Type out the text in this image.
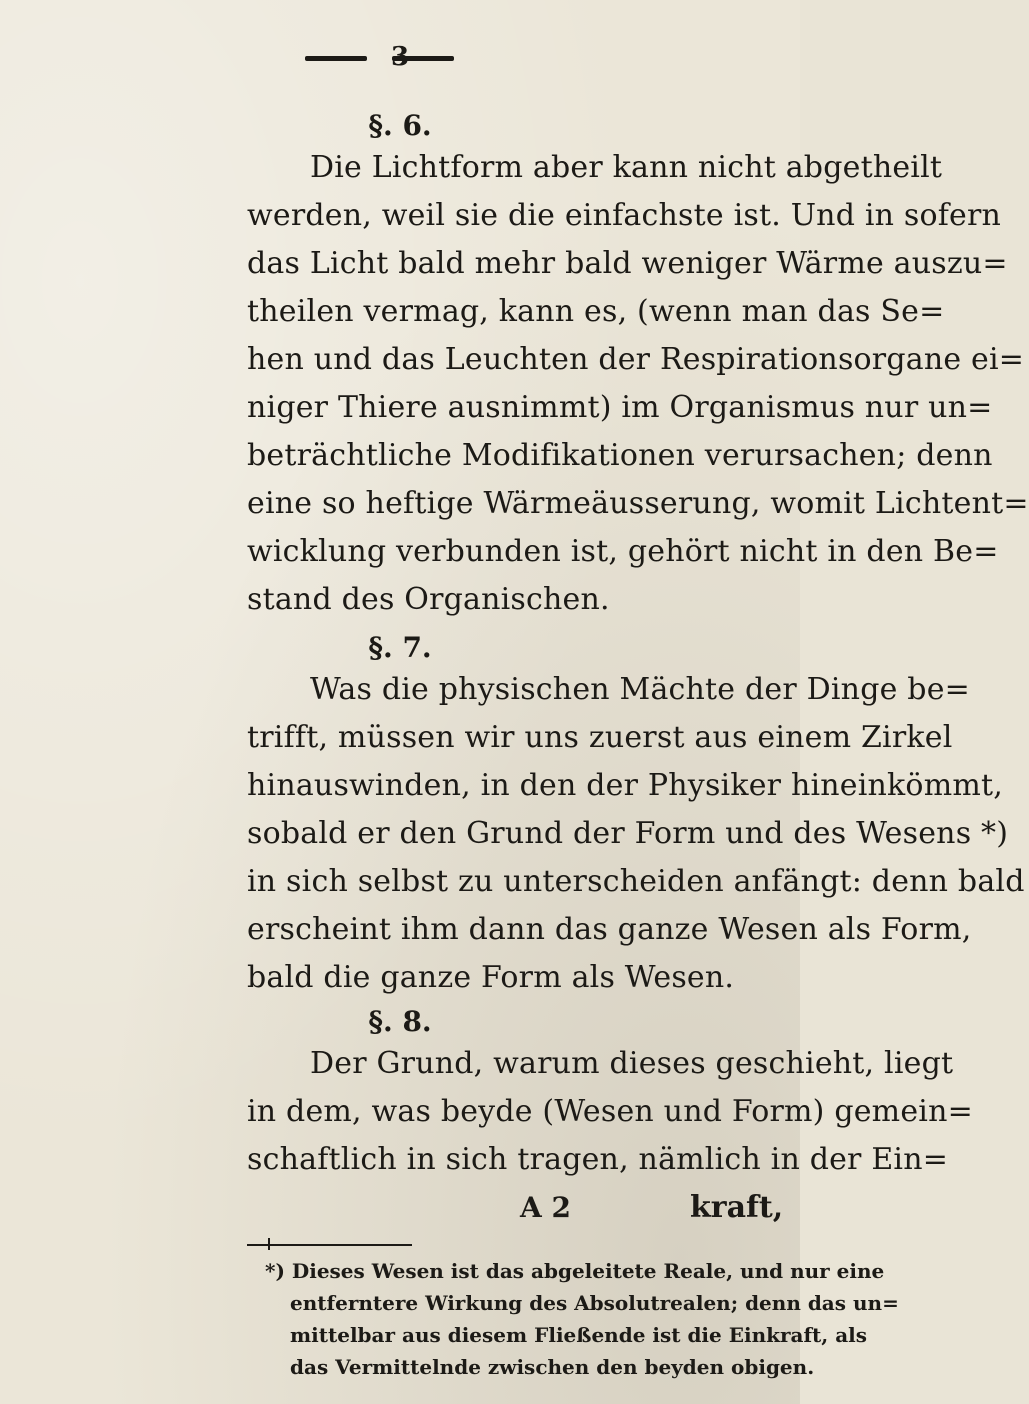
§. 6.
Die Lichtform aber kann nicht abgetheilt
werden, weil sie die einfachste ist. Und in sofern
das Licht bald mehr bald weniger Wärme auszu=
theilen vermag, kann es, (wenn man das Se=
hen und das Leuchten der Respirationsorgane ei=
niger Thiere ausnimmt) im Organismus nur un=
beträchtliche Modifikationen verursachen; denn
eine so heftige Wärmeäusserung, womit Lichtent=
wicklung verbunden ist, gehört nicht in den Be=
stand des Organischen.
§. 7.
Was die physischen Mächte der Dinge be=
trifft, müssen wir uns zuerst aus einem Zirkel
hinauswinden, in den der Physiker hineinkömmt,
sobald er den Grund der Form und des Wesens *)
in sich selbst zu unterscheiden anfängt: denn bald
erscheint ihm dann das ganze Wesen als Form,
bald die ganze Form als Wesen.
§. 8.
Der Grund, warum dieses geschieht, liegt
in dem, was beyde (Wesen und Form) gemein=
schaftlich in sich tragen, nämlich in der Ein=
A 2	kraft,
*) Dieses Wesen ist das abgeleitete Reale, und nur eine
entferntere Wirkung des Absolutrealen; denn das un=
mittelbar aus diesem Fließende ist die Einkraft, als
das Vermittelnde zwischen den beyden obigen.
